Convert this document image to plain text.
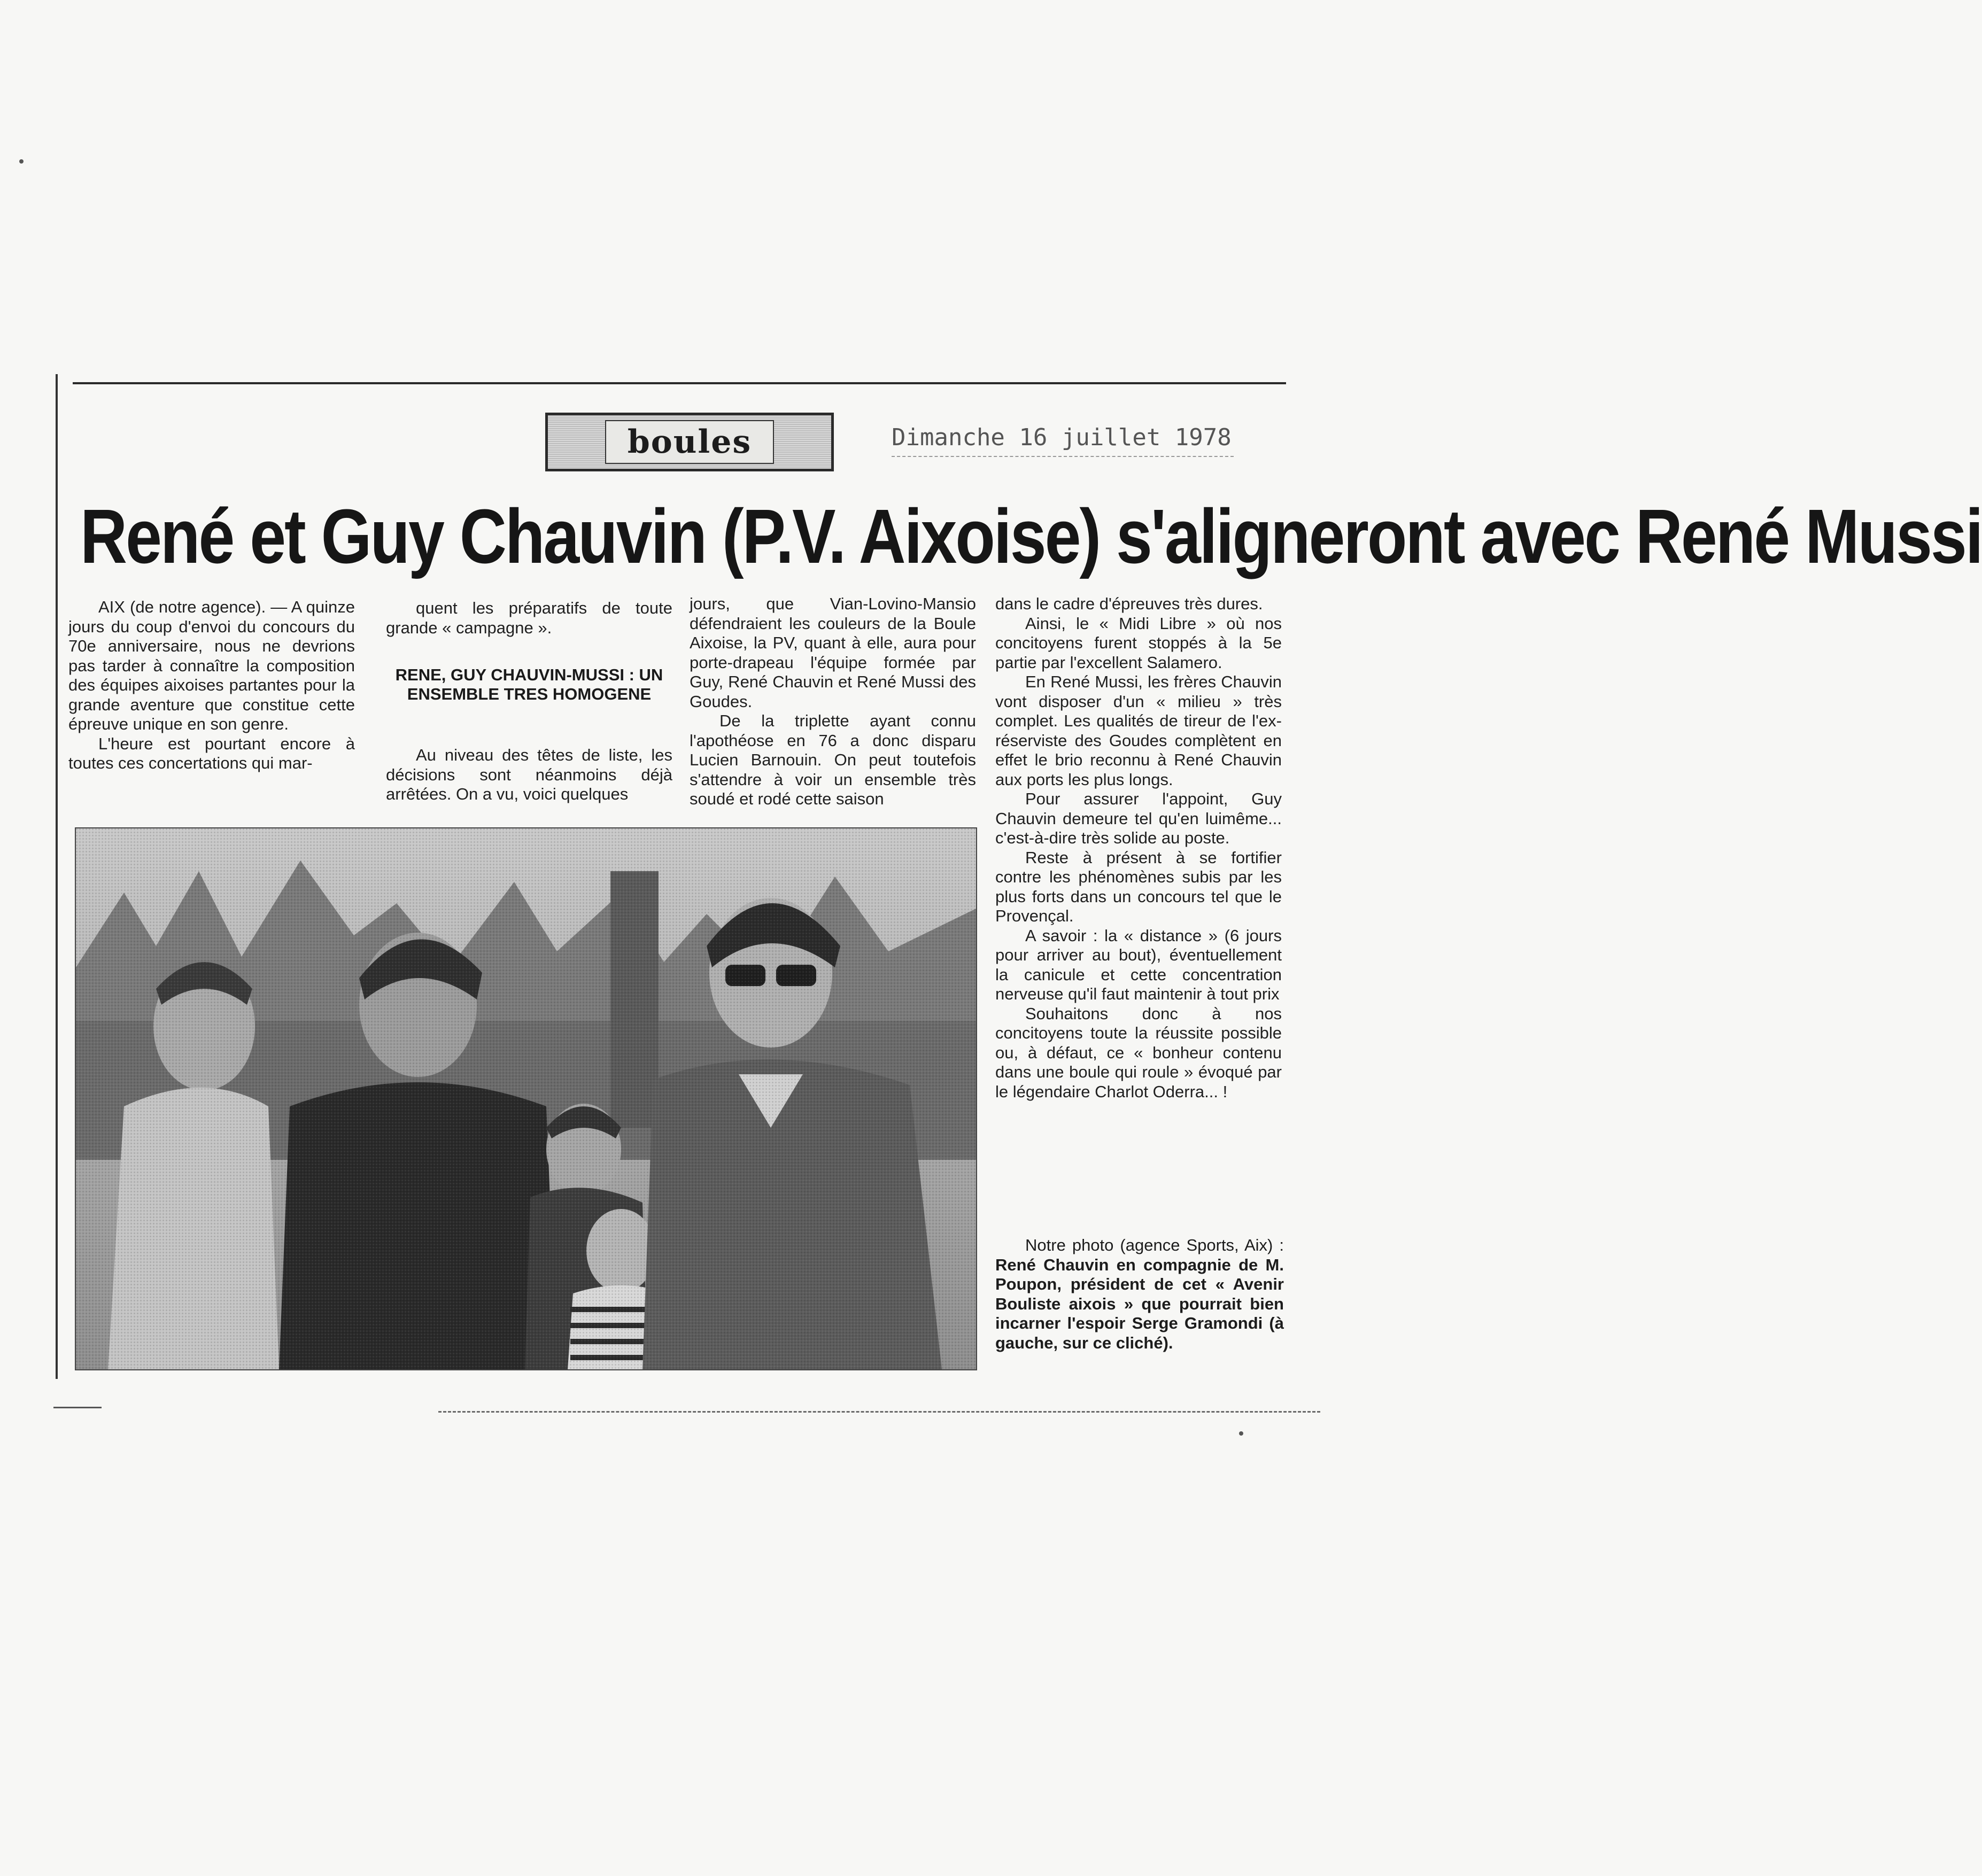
boules	Dimanche 16 juillet 1978
René et Guy Chauvin (P.V. Aixoise) s'aligneront avec René Mussi

AIX (de notre agence). — A quinze jours du coup d'envoi du concours du 70e anniversaire, nous ne devrions pas tarder à connaître la composition des équipes aixoises partantes pour la grande aventure que constitue cette épreuve unique en son genre.

L'heure est pourtant encore à toutes ces concertations qui mar-

quent les préparatifs de toute grande « campagne ».

RENE, GUY CHAUVIN-MUSSI : UN ENSEMBLE TRES HOMOGENE

Au niveau des têtes de liste, les décisions sont néanmoins déjà arrêtées. On a vu, voici quelques

jours, que Vian-Lovino-Mansio défendraient les couleurs de la Boule Aixoise, la PV, quant à elle, aura pour porte-drapeau l'équipe formée par Guy, René Chauvin et René Mussi des Goudes.

De la triplette ayant connu l'apothéose en 76 a donc disparu Lucien Barnouin. On peut toutefois s'attendre à voir un ensemble très soudé et rodé cette saison

dans le cadre d'épreuves très dures.

Ainsi, le « Midi Libre » où nos concitoyens furent stoppés à la 5e partie par l'excellent Salamero.

En René Mussi, les frères Chauvin vont disposer d'un « milieu » très complet. Les qualités de tireur de l'ex-réserviste des Goudes complètent en effet le brio reconnu à René Chauvin aux ports les plus longs.

Pour assurer l'appoint, Guy Chauvin demeure tel qu'en luimême... c'est-à-dire très solide au poste.

Reste à présent à se fortifier contre les phénomènes subis par les plus forts dans un concours tel que le Provençal.

A savoir : la « distance » (6 jours pour arriver au bout), éventuellement la canicule et cette concentration nerveuse qu'il faut maintenir à tout prix

Souhaitons donc à nos concitoyens toute la réussite possible ou, à défaut, ce « bonheur contenu dans une boule qui roule » évoqué par le légendaire Charlot Oderra... !

Notre photo (agence Sports, Aix) : René Chauvin en compagnie de M. Poupon, président de cet « Avenir Bouliste aixois » que pourrait bien incarner l'espoir Serge Gramondi (à gauche, sur ce cliché).
